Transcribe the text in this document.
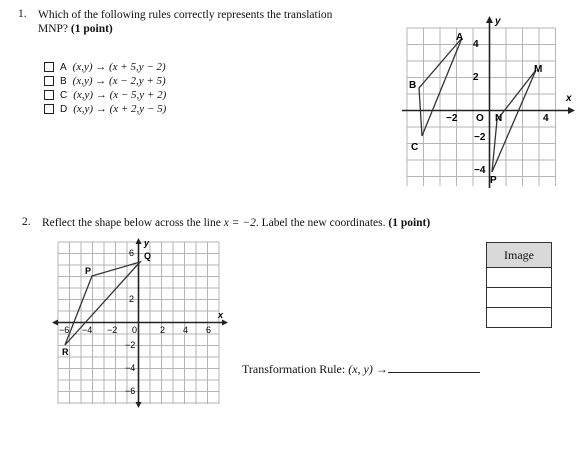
1. Which of the following rules correctly represents the translation
MNP? (1 point)
A (x,y) → (x + 5,y − 2)
B (x,y) → (x − 2,y + 5)
C (x,y) → (x − 5,y + 2)
D (x,y) → (x + 2,y − 5)
y
x
4
2
−2
−4
−2	4
O
A
B
C
M
N
P
2. Reflect the shape below across the line x = −2. Label the new coordinates. (1 point)
y
x
6
2
−2
−4
−6
−6 −4 −2 0	2 4 6
P
Q
R
Image

Transformation Rule: (x, y) →
